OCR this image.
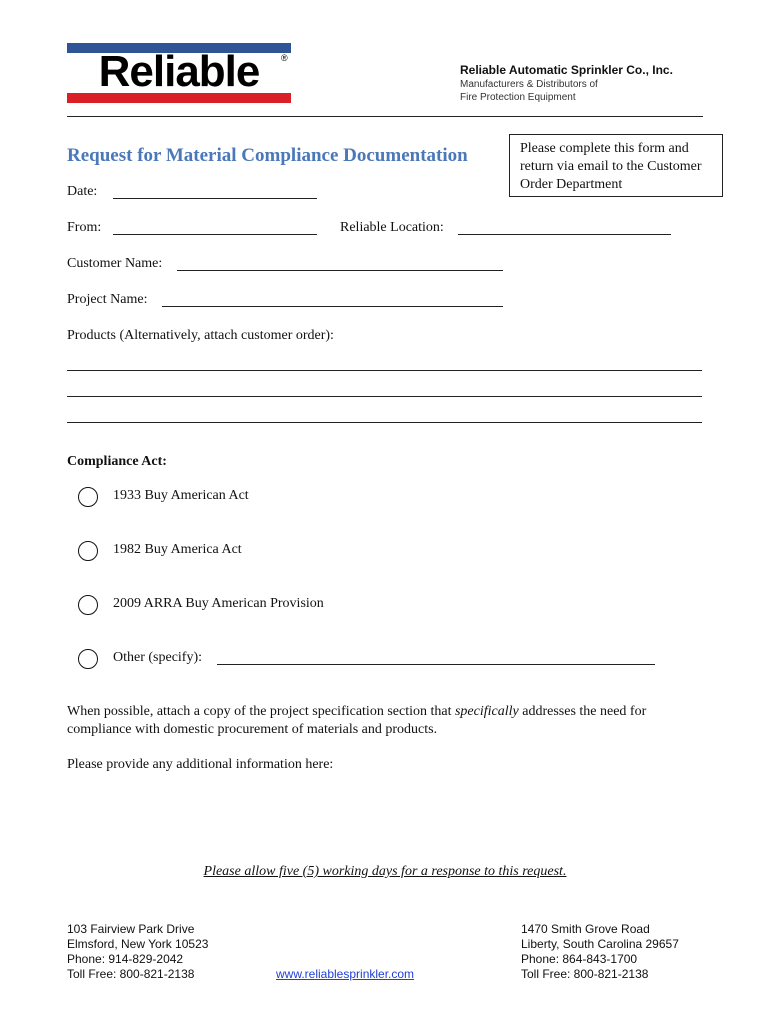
Reliable	®
Reliable Automatic Sprinkler Co., Inc.
Manufacturers & Distributors of
Fire Protection Equipment
Request for Material Compliance Documentation	Please complete this form and
return via email to the Customer
Order Department
Date:
From:	Reliable Location:
Customer Name:
Project Name:
Products (Alternatively, attach customer order):
Compliance Act:
1933 Buy American Act
1982 Buy America Act
2009 ARRA Buy American Provision
Other (specify):
When possible, attach a copy of the project specification section that specifically addresses the need for
compliance with domestic procurement of materials and products.
Please provide any additional information here:
Please allow five (5) working days for a response to this request.
103 Fairview Park Drive
Elmsford, New York 10523
Phone: 914-829-2042
Toll Free: 800-821-2138	www.reliablesprinkler.com
1470 Smith Grove Road
Liberty, South Carolina 29657
Phone: 864-843-1700
Toll Free: 800-821-2138
